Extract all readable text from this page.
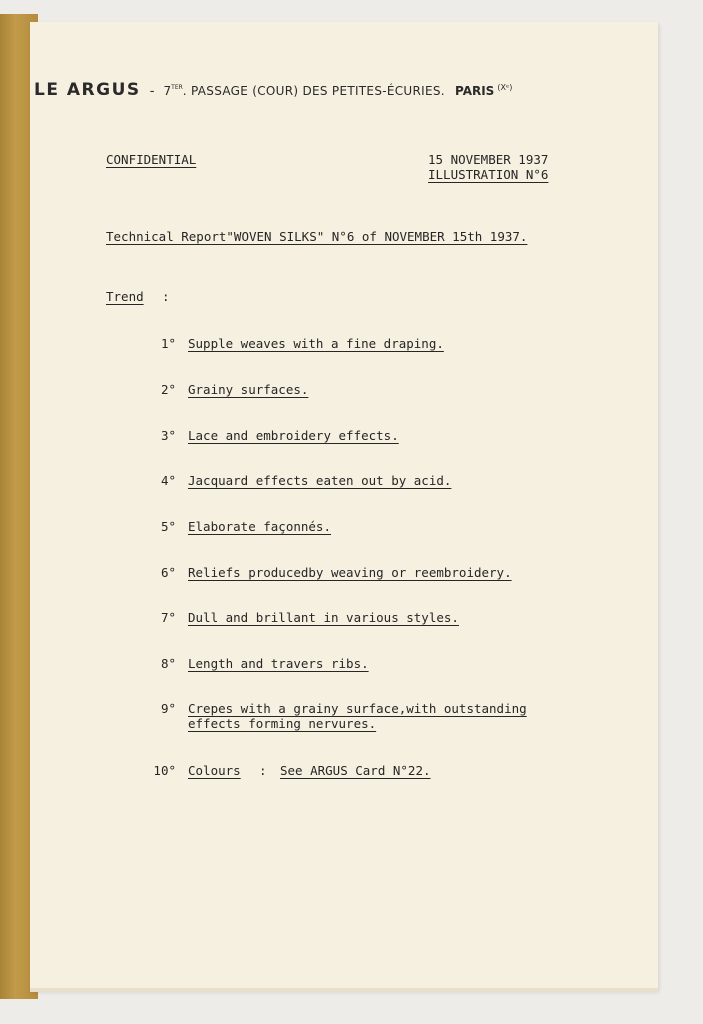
LE ARGUS - $7^{TER}$. PASSAGE (COUR) DES PETITES-ÉCURIES. PARIS $^{(Xᵉ)}$
CONFIDENTIAL	15 NOVEMBER 1937
ILLUSTRATION N°6
Technical Report"WOVEN SILKS" N°6 of NOVEMBER 15th 1937.
Trend :
1° Supple weaves with a fine draping.
2° Grainy surfaces.
3° Lace and embroidery effects.
4° Jacquard effects eaten out by acid.
5° Elaborate façonnés.
6° Reliefs producedby weaving or reembroidery.
7° Dull and brillant in various styles.
8° Length and travers ribs.
9° Crepes with a grainy surface,with outstanding
effects forming nervures.
10° Colours : See ARGUS Card N°22.
